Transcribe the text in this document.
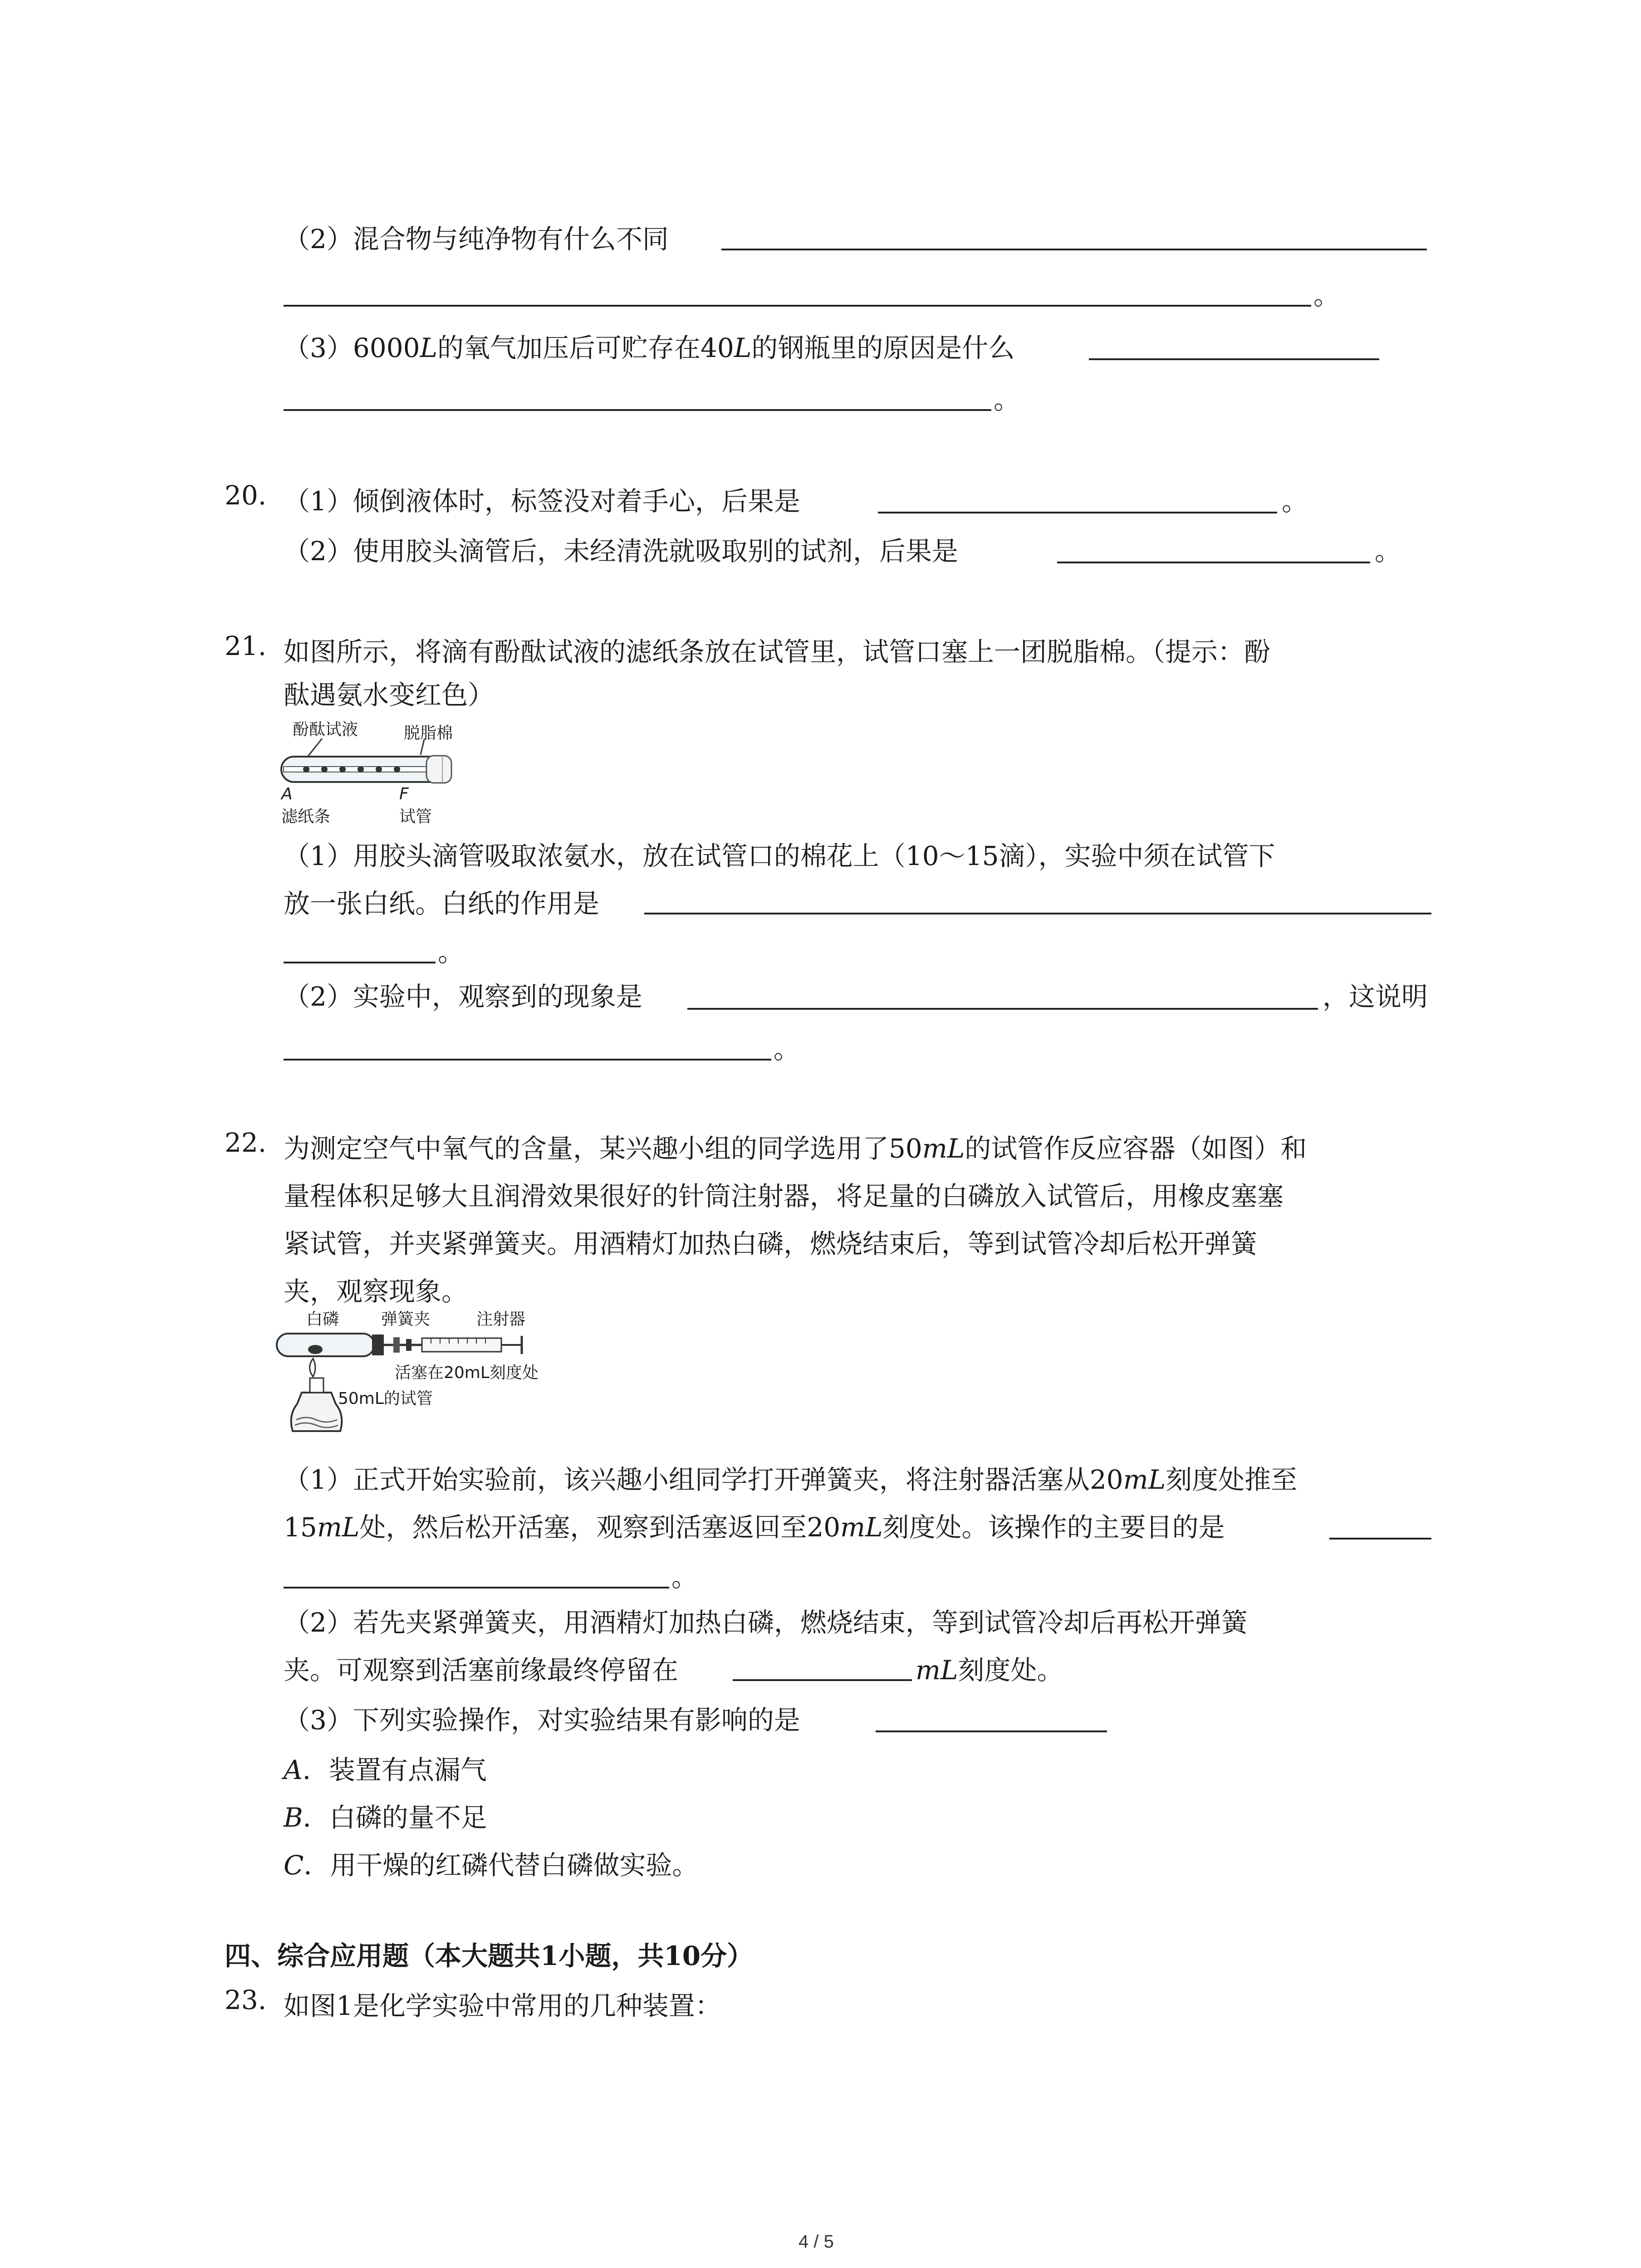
（2）混合物与纯净物有什么不同
。
（3）6000L的氧气加压后可贮存在40L的钢瓶里的原因是什么
。
20. （1）倾倒液体时，标签没对着手心，后果是	。
（2）使用胶头滴管后，未经清洗就吸取别的试剂，后果是	。
21. 如图所示，将滴有酚酞试液的滤纸条放在试管里，试管口塞上一团脱脂棉。（提示：酚
酞遇氨水变红色）
酚酞试液	脱脂棉
A	F
滤纸条	试管
（1）用胶头滴管吸取浓氨水，放在试管口的棉花上（10～15滴），实验中须在试管下
放一张白纸。白纸的作用是
。
（2）实验中，观察到的现象是	，这说明
。
22. 为测定空气中氧气的含量，某兴趣小组的同学选用了50mL的试管作反应容器（如图）和
量程体积足够大且润滑效果很好的针筒注射器，将足量的白磷放入试管后，用橡皮塞塞
紧试管，并夹紧弹簧夹。用酒精灯加热白磷，燃烧结束后，等到试管冷却后松开弹簧
夹，观察现象。
白磷	弹簧夹	注射器
活塞在20mL刻度处
50mL的试管
（1）正式开始实验前，该兴趣小组同学打开弹簧夹，将注射器活塞从20mL刻度处推至
15mL处，然后松开活塞，观察到活塞返回至20mL刻度处。该操作的主要目的是
。
（2）若先夹紧弹簧夹，用酒精灯加热白磷，燃烧结束，等到试管冷却后再松开弹簧
夹。可观察到活塞前缘最终停留在	mL刻度处。
（3）下列实验操作，对实验结果有影响的是
A．装置有点漏气
B．白磷的量不足
C．用干燥的红磷代替白磷做实验。
四、综合应用题（本大题共1小题，共10分）
23. 如图1是化学实验中常用的几种装置：
4 / 5
